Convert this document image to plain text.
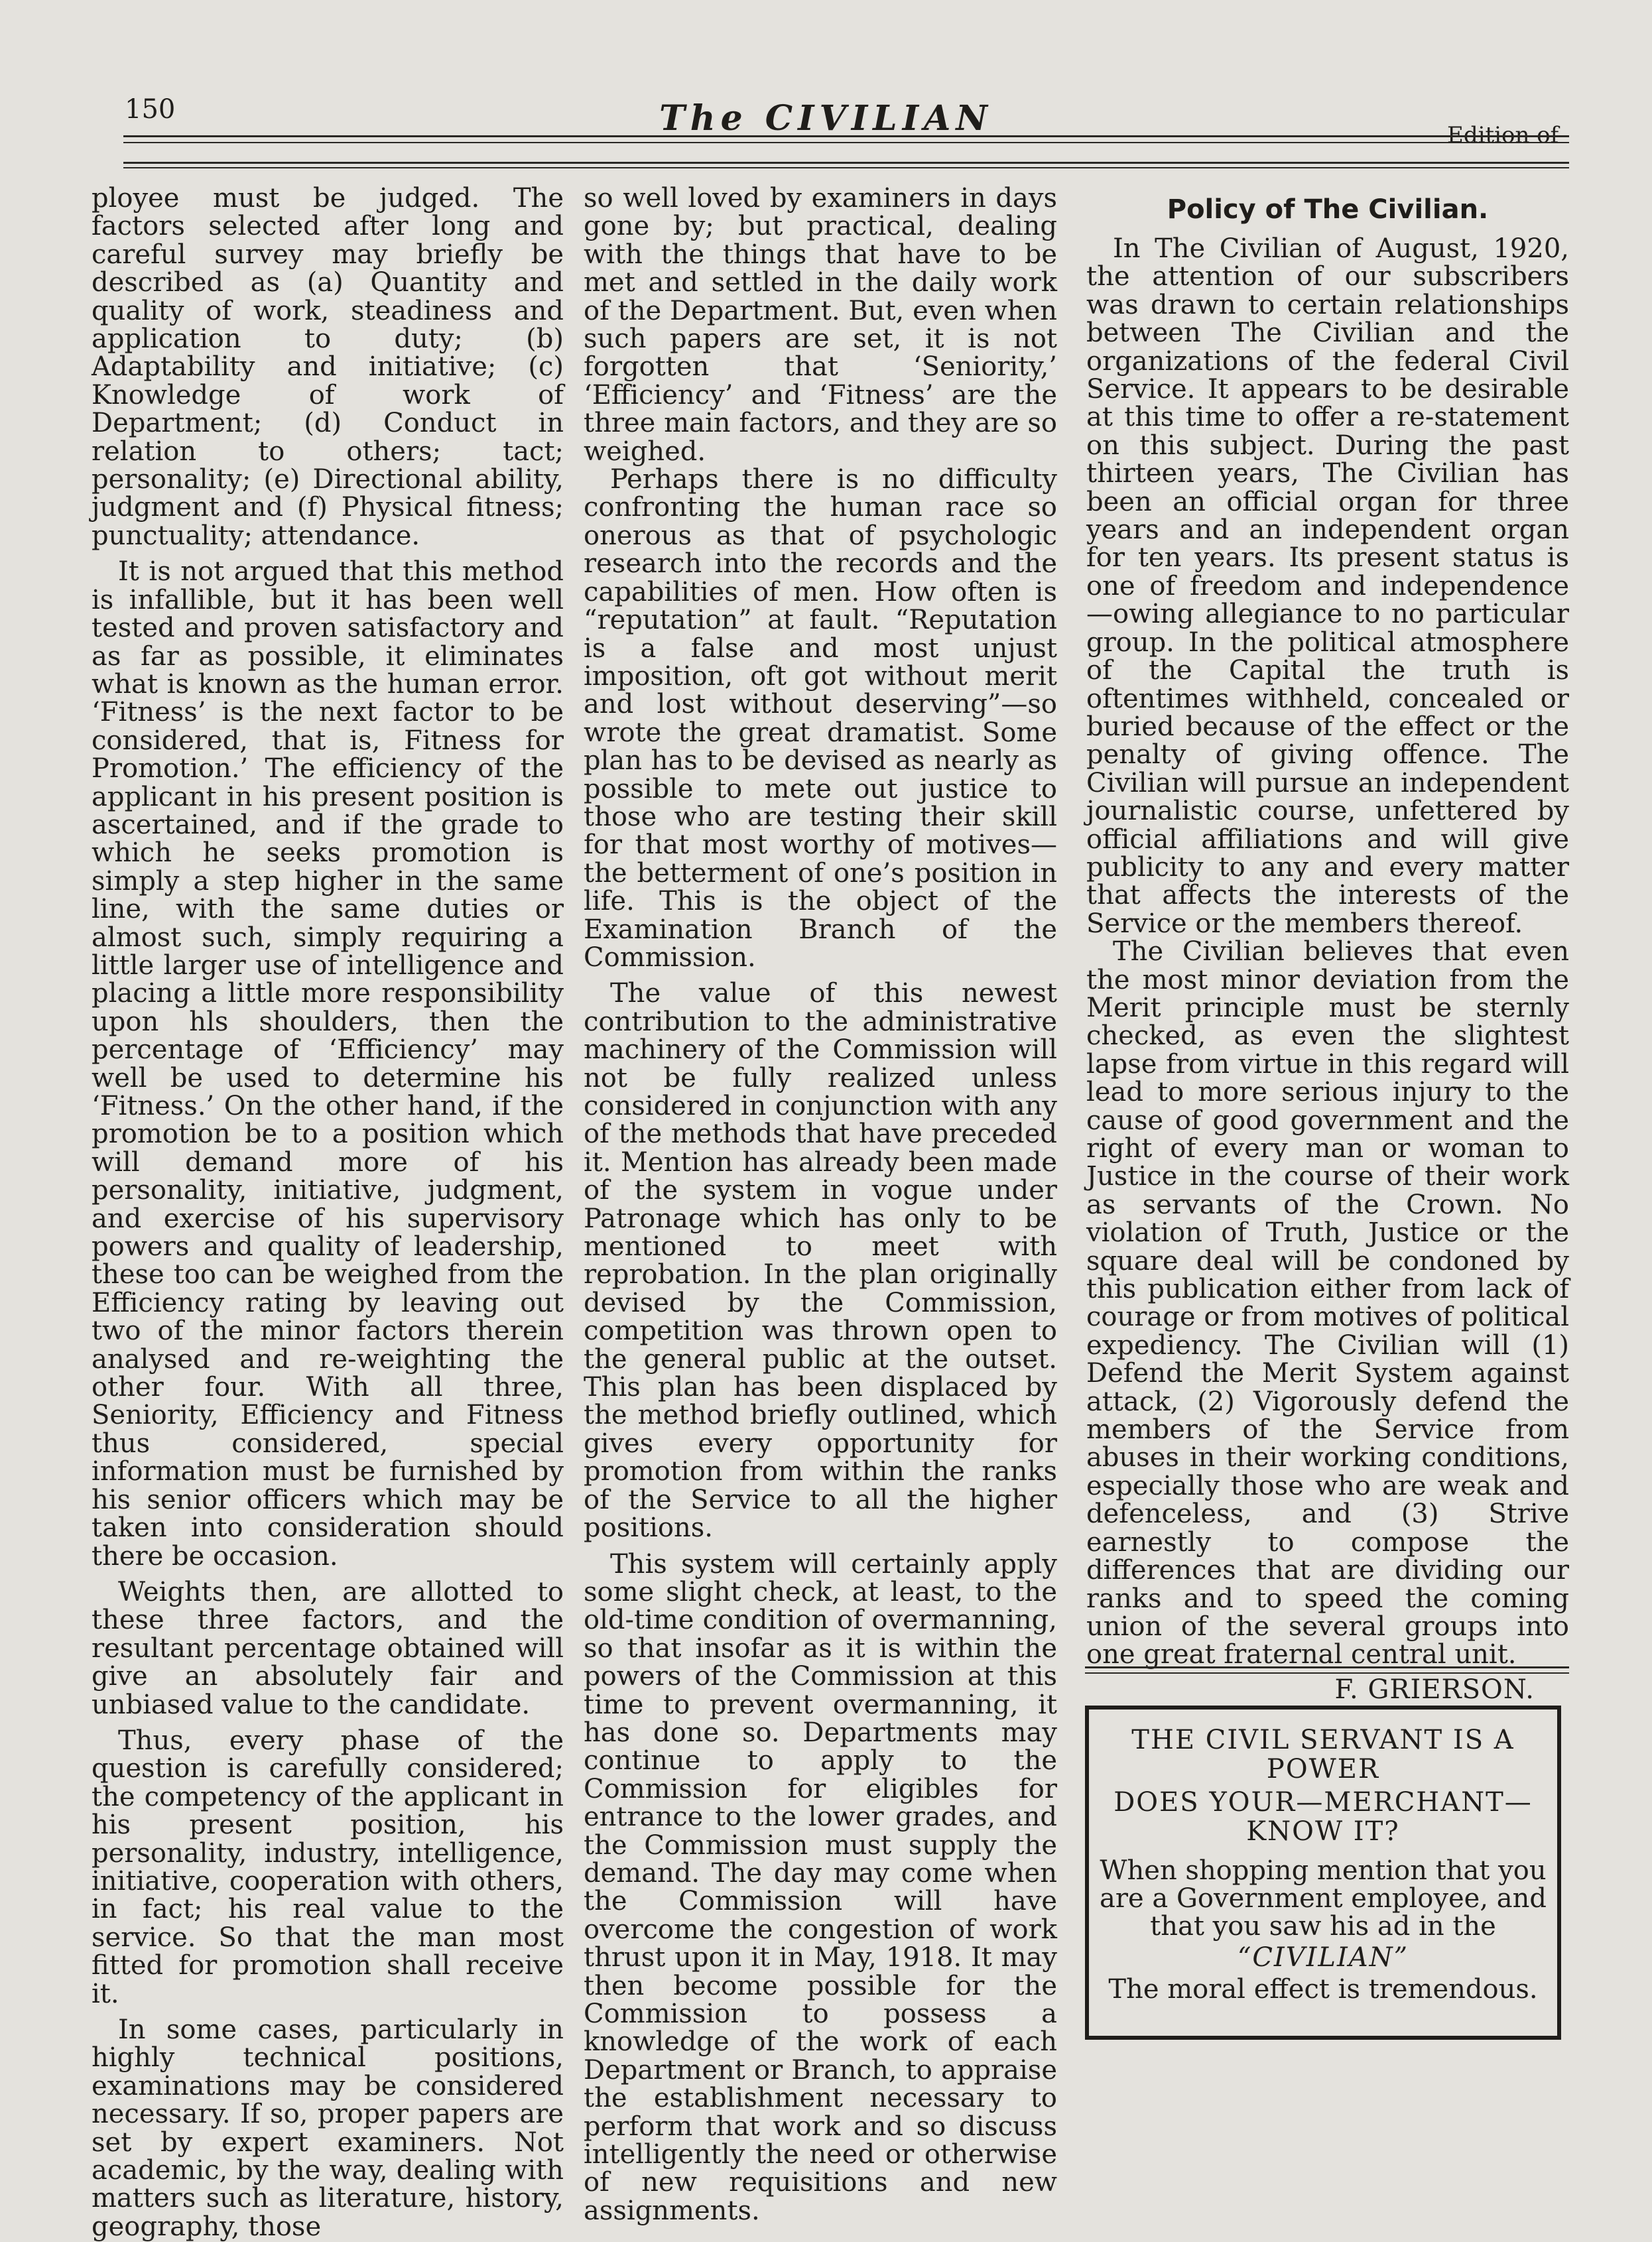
150	The CIVILIAN	Edition of

ployee must be judged. The factors selected after long and careful survey may briefly be described as (a) Quantity and quality of work, steadiness and application to duty; (b) Adaptability and initiative; (c) Knowledge of work of Department; (d) Conduct in relation to others; tact; personality; (e) Directional ability, judgment and (f) Physical fitness; punctuality; attendance.

It is not argued that this method is infallible, but it has been well tested and proven satisfactory and as far as possible, it eliminates what is known as the human error. ‘Fitness’ is the next factor to be considered, that is, Fitness for Promotion.’ The efficiency of the applicant in his present position is ascertained, and if the grade to which he seeks promotion is simply a step higher in the same line, with the same duties or almost such, simply requiring a little larger use of intelligence and placing a little more responsibility upon hls shoulders, then the percentage of ‘Efficiency’ may well be used to determine his ‘Fitness.’ On the other hand, if the promotion be to a position which will demand more of his personality, initiative, judgment, and exercise of his supervisory powers and quality of leadership, these too can be weighed from the Efficiency rating by leaving out two of the minor factors therein analysed and re-weighting the other four. With all three, Seniority, Efficiency and Fitness thus considered, special information must be furnished by his senior officers which may be taken into consideration should there be occasion.

Weights then, are allotted to these three factors, and the resultant percentage obtained will give an absolutely fair and unbiased value to the candidate.

Thus, every phase of the question is carefully considered; the competency of the applicant in his present position, his personality, industry, intelligence, initiative, cooperation with others, in fact; his real value to the service. So that the man most fitted for promotion shall receive it.

In some cases, particularly in highly technical positions, examinations may be considered necessary. If so, proper papers are set by expert examiners. Not academic, by the way, dealing with matters such as literature, history, geography, those

so well loved by examiners in days gone by; but practical, dealing with the things that have to be met and settled in the daily work of the Department. But, even when such papers are set, it is not forgotten that ‘Seniority,’ ‘Efficiency’ and ‘Fitness’ are the three main factors, and they are so weighed.

Perhaps there is no difficulty confronting the human race so onerous as that of psychologic research into the records and the capabilities of men. How often is “reputation” at fault. “Reputation is a false and most unjust imposition, oft got without merit and lost without deserving”—so wrote the great dramatist. Some plan has to be devised as nearly as possible to mete out justice to those who are testing their skill for that most worthy of motives—the betterment of one’s position in life. This is the object of the Examination Branch of the Commission.

The value of this newest contribution to the administrative machinery of the Commission will not be fully realized unless considered in conjunction with any of the methods that have preceded it. Mention has already been made of the system in vogue under Patronage which has only to be mentioned to meet with reprobation. In the plan originally devised by the Commission, competition was thrown open to the general public at the outset. This plan has been displaced by the method briefly outlined, which gives every opportunity for promotion from within the ranks of the Service to all the higher positions.

This system will certainly apply some slight check, at least, to the old-time condition of overmanning, so that insofar as it is within the powers of the Commission at this time to prevent overmanning, it has done so. Departments may continue to apply to the Commission for eligibles for entrance to the lower grades, and the Commission must supply the demand. The day may come when the Commission will have overcome the congestion of work thrust upon it in May, 1918. It may then become possible for the Commission to possess a knowledge of the work of each Department or Branch, to appraise the establishment necessary to perform that work and so discuss intelligently the need or otherwise of new requisitions and new assignments.

Policy of The Civilian.

In The Civilian of August, 1920, the attention of our subscribers was drawn to certain relationships between The Civilian and the organizations of the federal Civil Service. It appears to be desirable at this time to offer a re-statement on this subject. During the past thirteen years, The Civilian has been an official organ for three years and an independent organ for ten years. Its present status is one of freedom and independence—owing allegiance to no particular group. In the political atmosphere of the Capital the truth is oftentimes withheld, concealed or buried because of the effect or the penalty of giving offence. The Civilian will pursue an independent journalistic course, unfettered by official affiliations and will give publicity to any and every matter that affects the interests of the Service or the members thereof.

The Civilian believes that even the most minor deviation from the Merit principle must be sternly checked, as even the slightest lapse from virtue in this regard will lead to more serious injury to the cause of good government and the right of every man or woman to Justice in the course of their work as servants of the Crown. No violation of Truth, Justice or the square deal will be condoned by this publication either from lack of courage or from motives of political expediency. The Civilian will (1) Defend the Merit System against attack, (2) Vigorously defend the members of the Service from abuses in their working conditions, especially those who are weak and defenceless, and (3) Strive earnestly to compose the differences that are dividing our ranks and to speed the coming union of the several groups into one great fraternal central unit.

F. GRIERSON.

THE CIVIL SERVANT IS A POWER

DOES YOUR—MERCHANT—KNOW IT?

When shopping mention that you are a Government employee, and that you saw his ad in the

“CIVILIAN”

The moral effect is tremendous.
